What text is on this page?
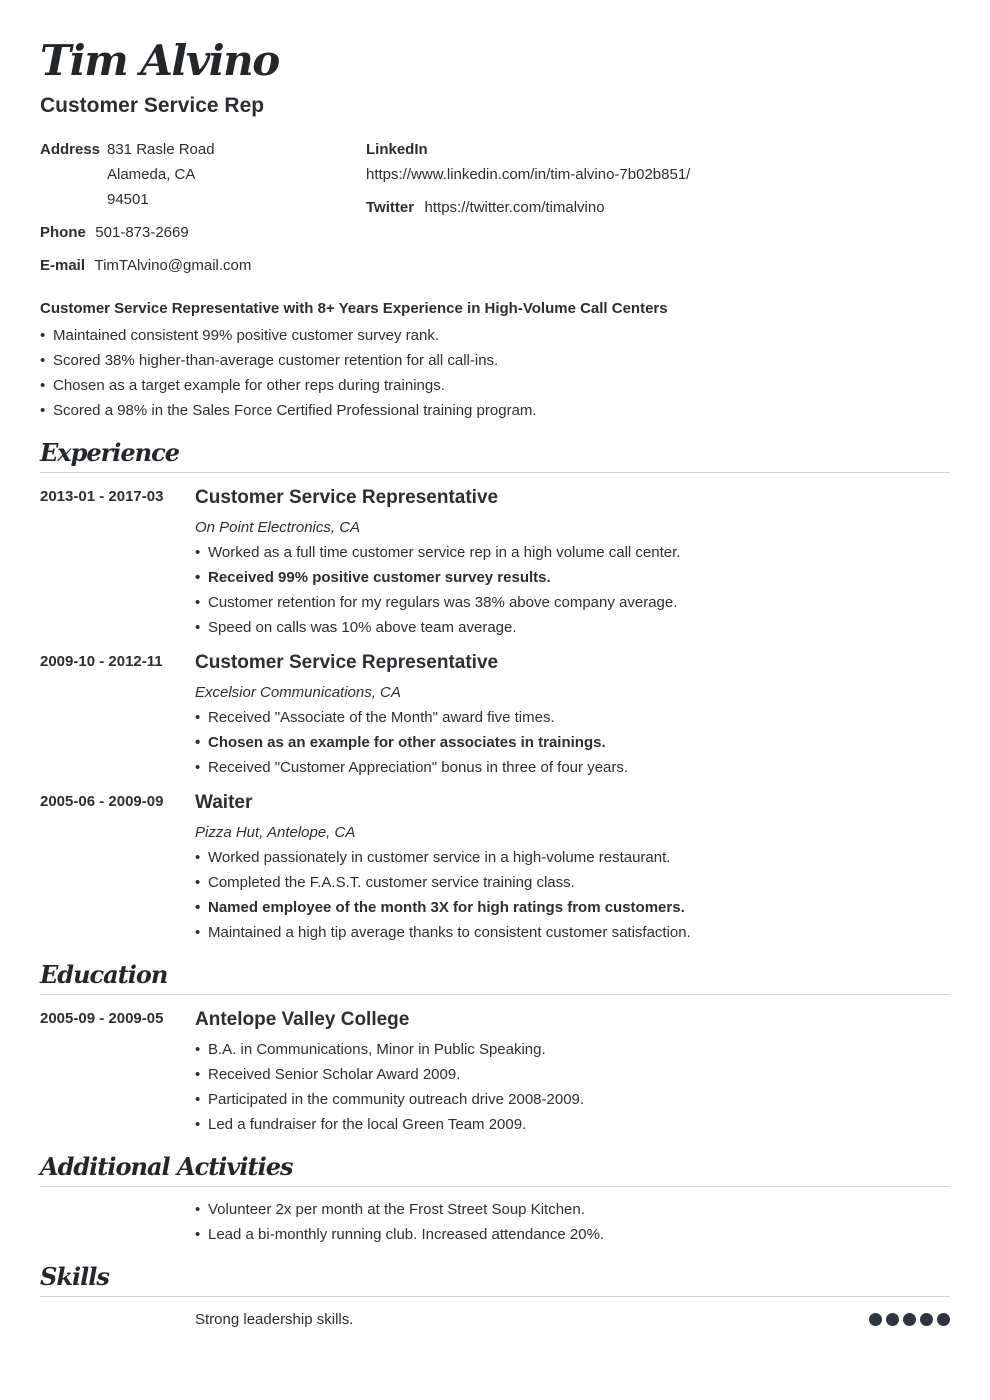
Tim Alvino
Customer Service Rep
Address 831 Rasle Road
Alameda, CA
94501
Phone 501-873-2669
E-mail TimTAlvino@gmail.com
LinkedIn
https://www.linkedin.com/in/tim-alvino-7b02b851/
Twitter https://twitter.com/timalvino
Customer Service Representative with 8+ Years Experience in High-Volume Call Centers
• Maintained consistent 99% positive customer survey rank.
• Scored 38% higher-than-average customer retention for all call-ins.
• Chosen as a target example for other reps during trainings.
• Scored a 98% in the Sales Force Certified Professional training program.
Experience
2013-01 - 2017-03 Customer Service Representative
On Point Electronics, CA
• Worked as a full time customer service rep in a high volume call center.
• Received 99% positive customer survey results.
• Customer retention for my regulars was 38% above company average.
• Speed on calls was 10% above team average.
2009-10 - 2012-11 Customer Service Representative
Excelsior Communications, CA
• Received "Associate of the Month" award five times.
• Chosen as an example for other associates in trainings.
• Received "Customer Appreciation" bonus in three of four years.
2005-06 - 2009-09 Waiter
Pizza Hut, Antelope, CA
• Worked passionately in customer service in a high-volume restaurant.
• Completed the F.A.S.T. customer service training class.
• Named employee of the month 3X for high ratings from customers.
• Maintained a high tip average thanks to consistent customer satisfaction.
Education
2005-09 - 2009-05 Antelope Valley College
• B.A. in Communications, Minor in Public Speaking.
• Received Senior Scholar Award 2009.
• Participated in the community outreach drive 2008-2009.
• Led a fundraiser for the local Green Team 2009.
Additional Activities
• Volunteer 2x per month at the Frost Street Soup Kitchen.
• Lead a bi-monthly running club. Increased attendance 20%.
Skills
Strong leadership skills.
